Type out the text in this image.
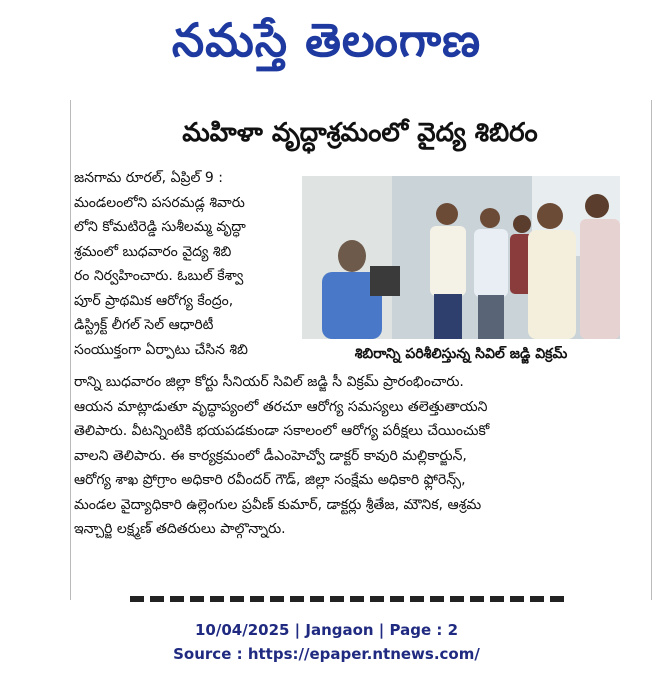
నమస్తే తెలంగాణ
మహిళా వృద్ధాశ్రమంలో వైద్య శిబిరం

జనగామ రూరల్, ఏప్రిల్ 9 :

మండలంలోని పసరమడ్ల శివారు

లోని కోమటిరెడ్డి సుశీలమ్మ వృద్ధా

శ్రమంలో బుధవారం వైద్య శిబి

రం నిర్వహించారు. ఓబుల్ కేశ్వా

పూర్ ప్రాథమిక ఆరోగ్య కేంద్రం,

డిస్ట్రిక్ట్ లీగల్ సెల్ ఆధారిటీ

సంయుక్తంగా ఏర్పాటు చేసిన శిబి	శిబిరాన్ని పరిశీలిస్తున్న సివిల్ జడ్జి విక్రమ్
రాన్ని బుధవారం జిల్లా కోర్టు సీనియర్ సివిల్ జడ్జి సీ విక్రమ్ ప్రారంభించారు.
ఆయన మాట్లాడుతూ వృద్ధాప్యంలో తరచూ ఆరోగ్య సమస్యలు తలెత్తుతాయని
తెలిపారు. వీటన్నింటికి భయపడకుండా సకాలంలో ఆరోగ్య పరీక్షలు చేయించుకో
వాలని తెలిపారు. ఈ కార్యక్రమంలో డీఎంహెచ్వో డాక్టర్ కావురి మల్లికార్జున్,
ఆరోగ్య శాఖ ప్రోగ్రాం అధికారి రవీందర్ గౌడ్, జిల్లా సంక్షేమ అధికారి ఫ్లోరెన్స్,
మండల వైద్యాధికారి ఉల్లెంగుల ప్రవీణ్ కుమార్, డాక్టర్లు శ్రీతేజ, మౌనిక, ఆశ్రమ
ఇన్చార్జి లక్ష్మణ్ తదితరులు పాల్గొన్నారు.
10/04/2025 | Jangaon | Page : 2
Source : https://epaper.ntnews.com/
